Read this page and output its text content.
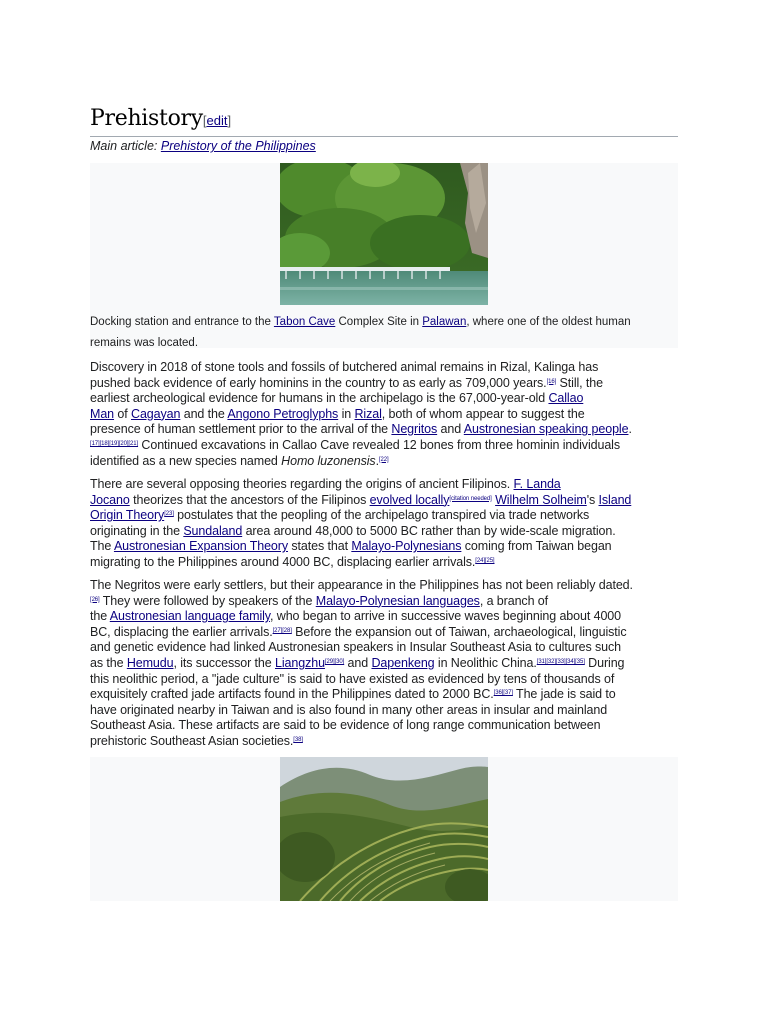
Prehistory[edit]
Main article: Prehistory of the Philippines
Docking station and entrance to the Tabon Cave Complex Site in Palawan, where one of the oldest human
remains was located.
Discovery in 2018 of stone tools and fossils of butchered animal remains in Rizal, Kalinga has
pushed back evidence of early hominins in the country to as early as 709,000 years.[16] Still, the
earliest archeological evidence for humans in the archipelago is the 67,000-year-old Callao
Man of Cagayan and the Angono Petroglyphs in Rizal, both of whom appear to suggest the
presence of human settlement prior to the arrival of the Negritos and Austronesian speaking people.
[17][18][19][20][21] Continued excavations in Callao Cave revealed 12 bones from three hominin individuals
identified as a new species named Homo luzonensis.[22]
There are several opposing theories regarding the origins of ancient Filipinos. F. Landa
Jocano theorizes that the ancestors of the Filipinos evolved locally[citation needed] Wilhelm Solheim's Island
Origin Theory[23] postulates that the peopling of the archipelago transpired via trade networks
originating in the Sundaland area around 48,000 to 5000 BC rather than by wide-scale migration.
The Austronesian Expansion Theory states that Malayo-Polynesians coming from Taiwan began
migrating to the Philippines around 4000 BC, displacing earlier arrivals.[24][25]
The Negritos were early settlers, but their appearance in the Philippines has not been reliably dated.
[26] They were followed by speakers of the Malayo-Polynesian languages, a branch of
the Austronesian language family, who began to arrive in successive waves beginning about 4000
BC, displacing the earlier arrivals.[27][28] Before the expansion out of Taiwan, archaeological, linguistic
and genetic evidence had linked Austronesian speakers in Insular Southeast Asia to cultures such
as the Hemudu, its successor the Liangzhu[29][30] and Dapenkeng in Neolithic China.[31][32][33][34][35] During
this neolithic period, a "jade culture" is said to have existed as evidenced by tens of thousands of
exquisitely crafted jade artifacts found in the Philippines dated to 2000 BC.[36][37] The jade is said to
have originated nearby in Taiwan and is also found in many other areas in insular and mainland
Southeast Asia. These artifacts are said to be evidence of long range communication between
prehistoric Southeast Asian societies.[38]
